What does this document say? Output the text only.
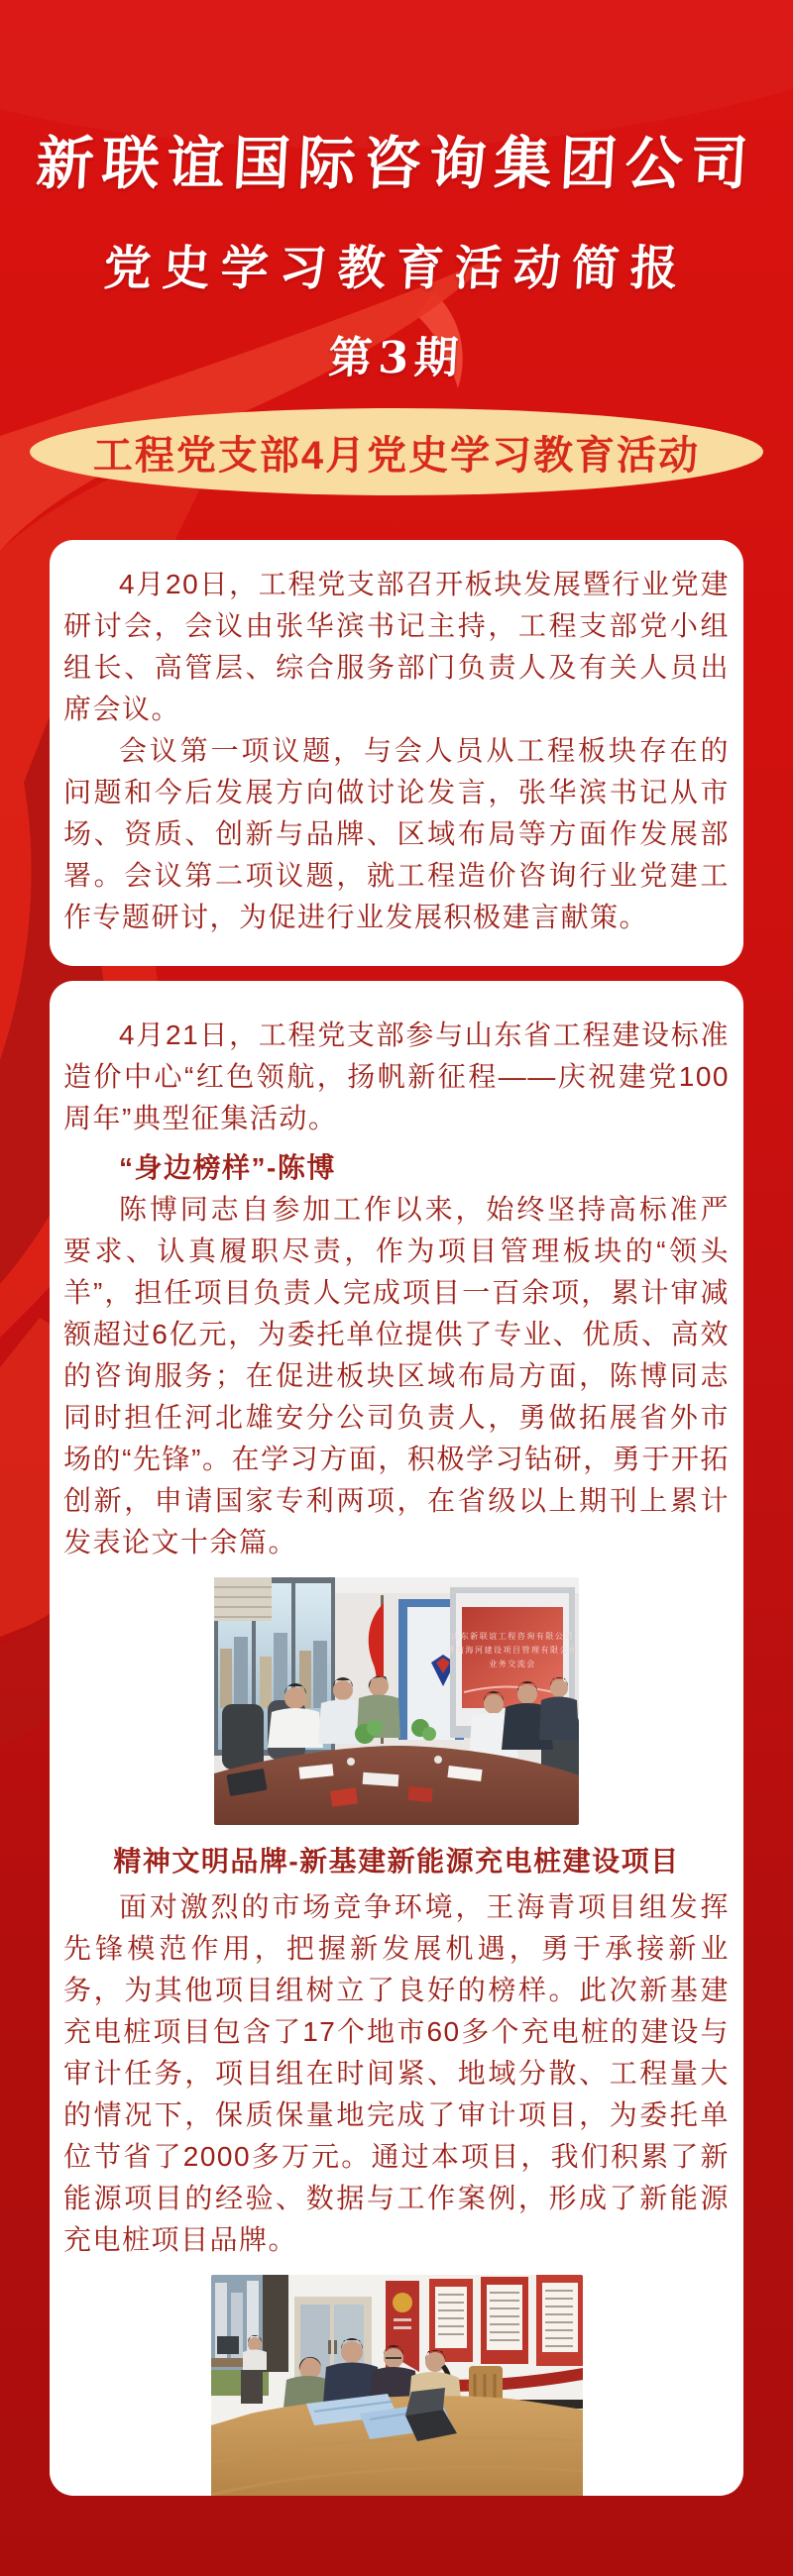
新联谊国际咨询集团公司
党史学习教育活动简报
第3期
工程党支部4月党史学习教育活动

4月20日，工程党支部召开板块发展暨行业党建研讨会，会议由张华滨书记主持，工程支部党小组组长、高管层、综合服务部门负责人及有关人员出席会议。

会议第一项议题，与会人员从工程板块存在的问题和今后发展方向做讨论发言，张华滨书记从市场、资质、创新与品牌、区域布局等方面作发展部署。会议第二项议题，就工程造价咨询行业党建工作专题研讨，为促进行业发展积极建言献策。

4月21日，工程党支部参与山东省工程建设标准造价中心“红色领航，扬帆新征程——庆祝建党100周年”典型征集活动。

“身边榜样”-陈博

陈博同志自参加工作以来，始终坚持高标准严要求、认真履职尽责，作为项目管理板块的“领头羊”，担任项目负责人完成项目一百余项，累计审减额超过6亿元，为委托单位提供了专业、优质、高效的咨询服务；在促进板块区域布局方面，陈博同志同时担任河北雄安分公司负责人，勇做拓展省外市场的“先锋”。在学习方面，积极学习钻研，勇于开拓创新，申请国家专利两项，在省级以上期刊上累计发表论文十余篇。

山东新联谊工程咨询有限公司
济南海河建设项目管理有限公司
业务交流会
精神文明品牌-新基建新能源充电桩建设项目

面对激烈的市场竞争环境，王海青项目组发挥先锋模范作用，把握新发展机遇，勇于承接新业务，为其他项目组树立了良好的榜样。此次新基建充电桩项目包含了17个地市60多个充电桩的建设与审计任务，项目组在时间紧、地域分散、工程量大的情况下，保质保量地完成了审计项目，为委托单位节省了2000多万元。通过本项目，我们积累了新能源项目的经验、数据与工作案例，形成了新能源充电桩项目品牌。
